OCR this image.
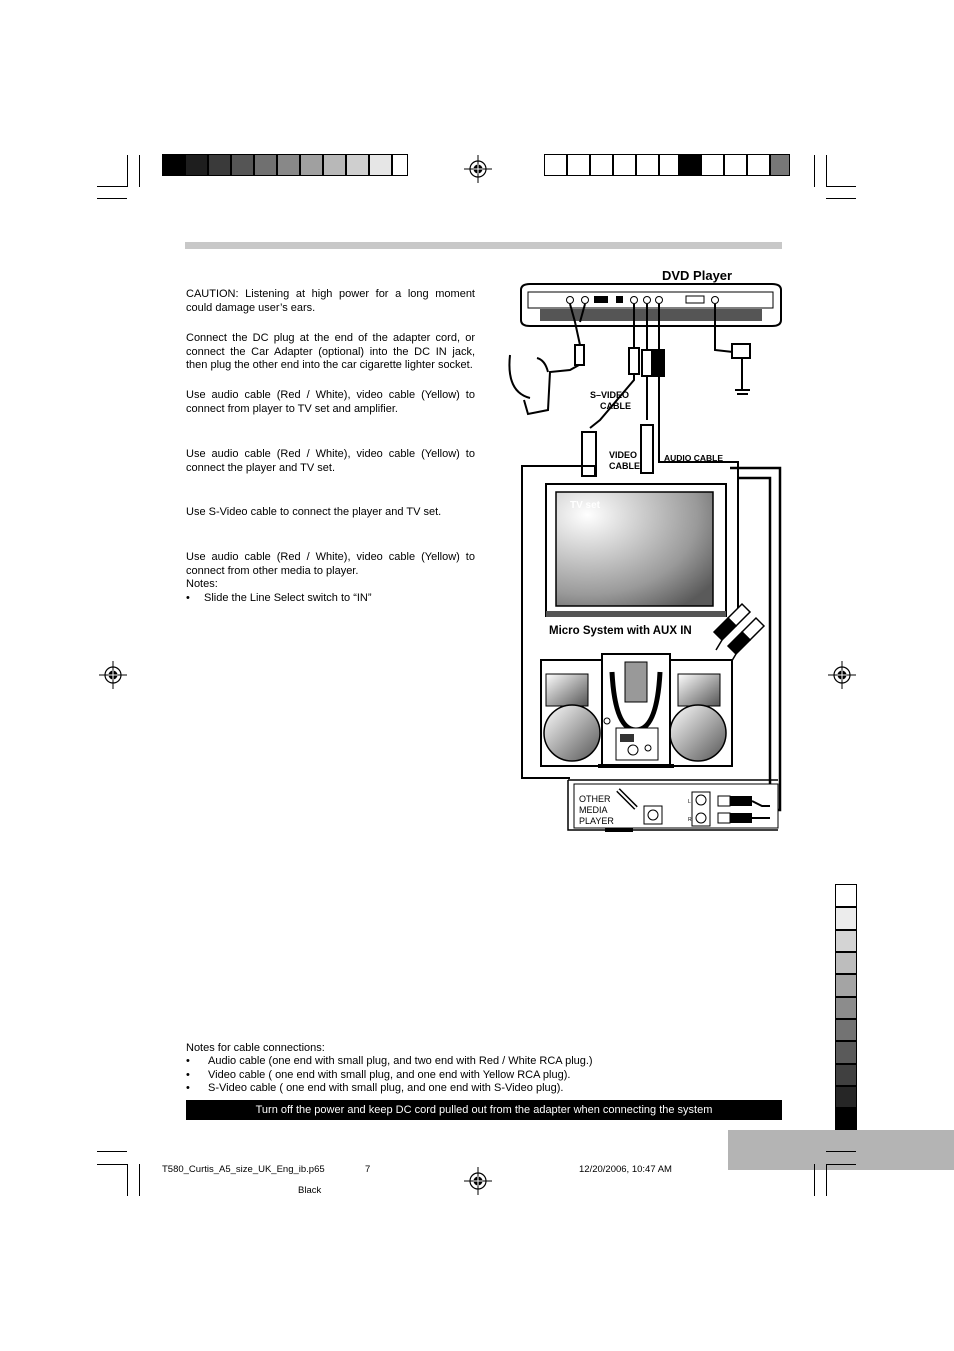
CAUTION: Listening at high power for a long moment could damage user’s ears.
Connect the DC plug at the end of the adapter cord, or connect the Car Adapter (optional) into the DC IN jack, then plug the other end into the car cigarette lighter socket.
Use audio cable (Red / White), video cable (Yellow) to connect from player to TV set and amplifier.
Use audio cable (Red / White), video cable (Yellow) to connect the player and TV set.
Use S-Video cable to connect the player and TV set.
Use audio cable (Red / White), video cable (Yellow) to connect from other media to player.
Notes:
• Slide the Line Select switch to “IN”
DVD Player
S–VIDEO
CABLE
VIDEO
CABLE
AUDIO CABLE
TV set
Micro System with AUX IN
OTHER
MEDIA
PLAYER
L
R
Notes for cable connections:
• Audio cable (one end with small plug, and two end with Red / White RCA plug.)
• Video cable ( one end with small plug, and one end with Yellow RCA plug).
• S-Video cable ( one end with small plug, and one end with S-Video plug).
Turn off the power and keep DC cord pulled out from the adapter when connecting the system
T580_Curtis_A5_size_UK_Eng_ib.p65	7	12/20/2006, 10:47 AM
Black
